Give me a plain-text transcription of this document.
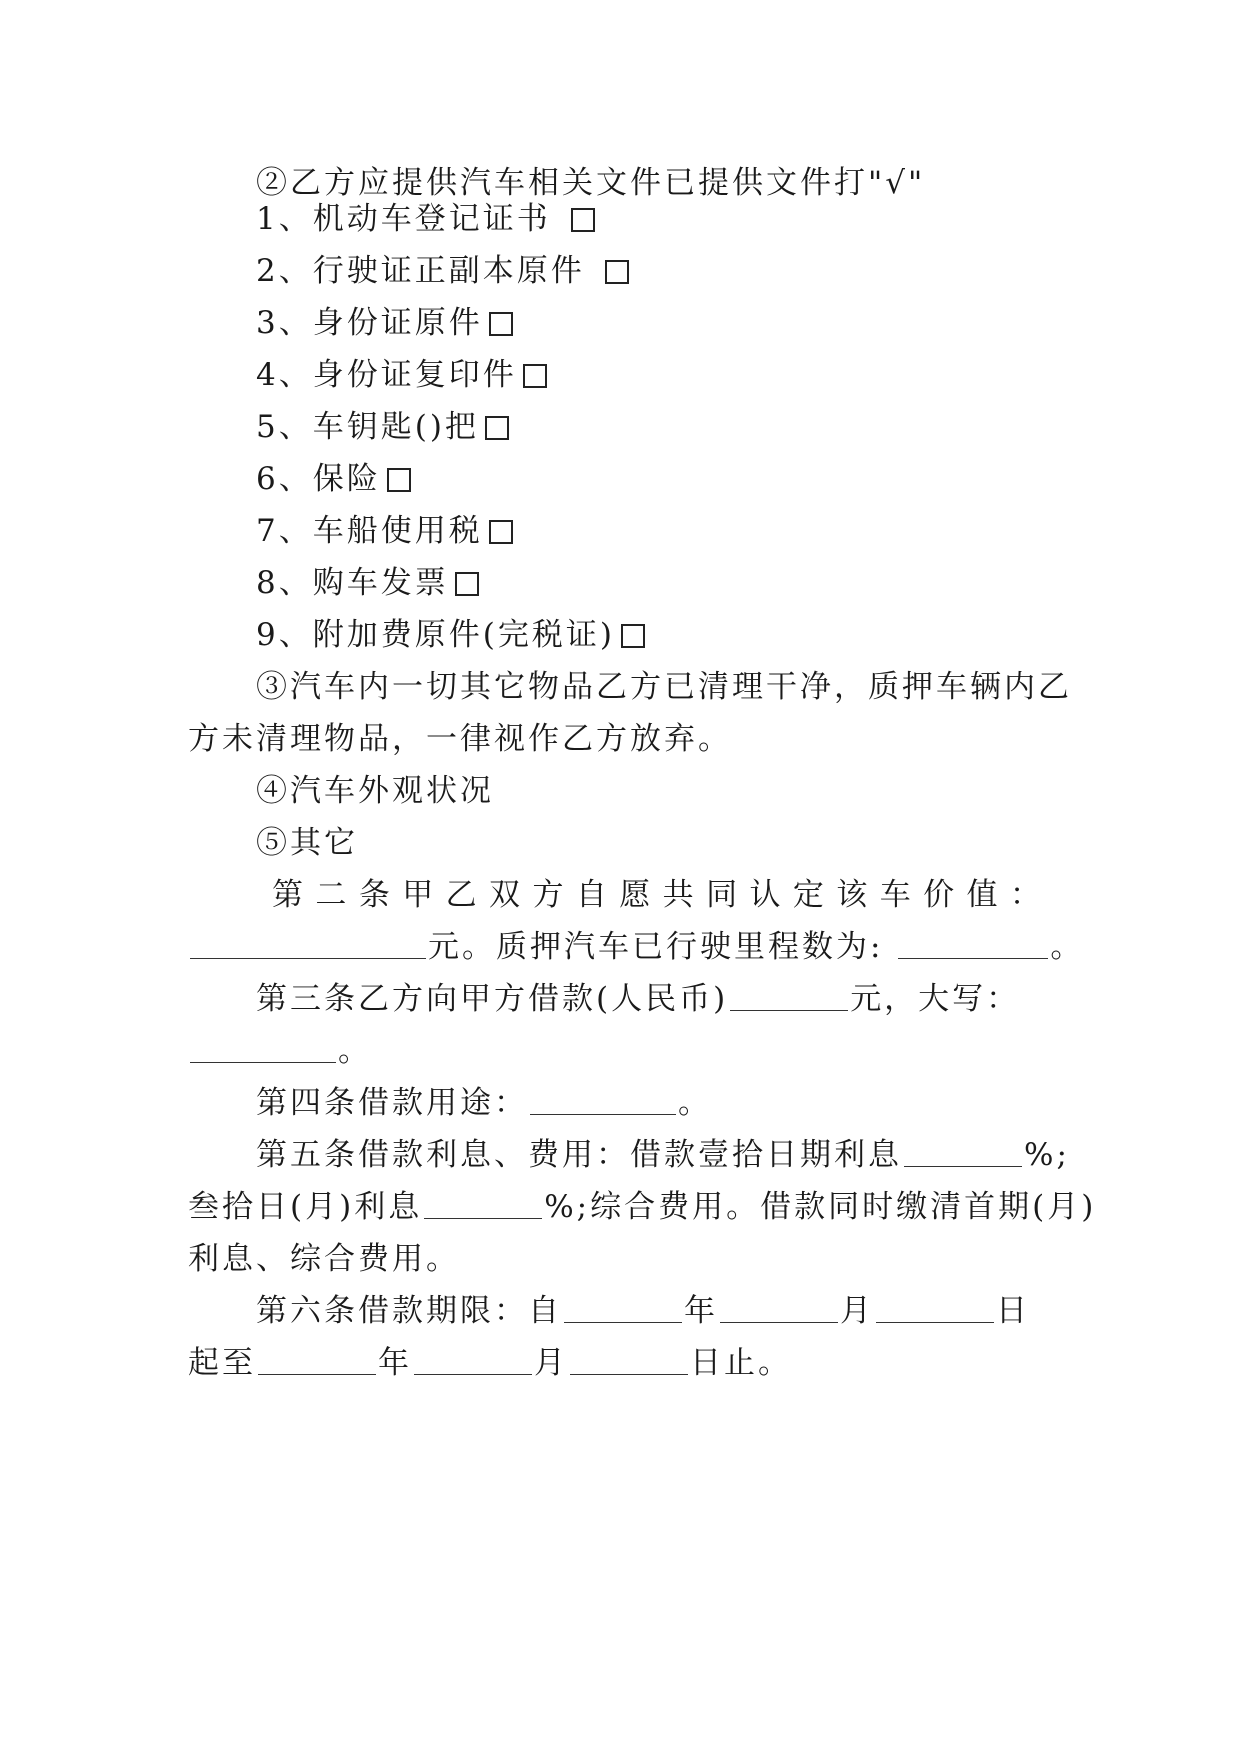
②乙方应提供汽车相关文件已提供文件打"√"
1、机动车登记证书
2、行驶证正副本原件
3、身份证原件
4、身份证复印件
5、车钥匙()把
6、保险
7、车船使用税
8、购车发票
9、附加费原件(完税证)
③汽车内一切其它物品乙方已清理干净，质押车辆内乙
方未清理物品，一律视作乙方放弃。
④汽车外观状况
⑤其它
第 二 条 甲 乙 双 方 自 愿 共 同 认 定 该 车 价 值 ：
元。质押汽车已行驶里程数为:	。
第三条乙方向甲方借款(人民币)	元，大写：
。
第四条借款用途：	。
第五条借款利息、费用：借款壹拾日期利息	%;
叁拾日(月)利息	%;综合费用。借款同时缴清首期(月)
利息、综合费用。
第六条借款期限：自	年	月	日
起至	年	月	日止。
